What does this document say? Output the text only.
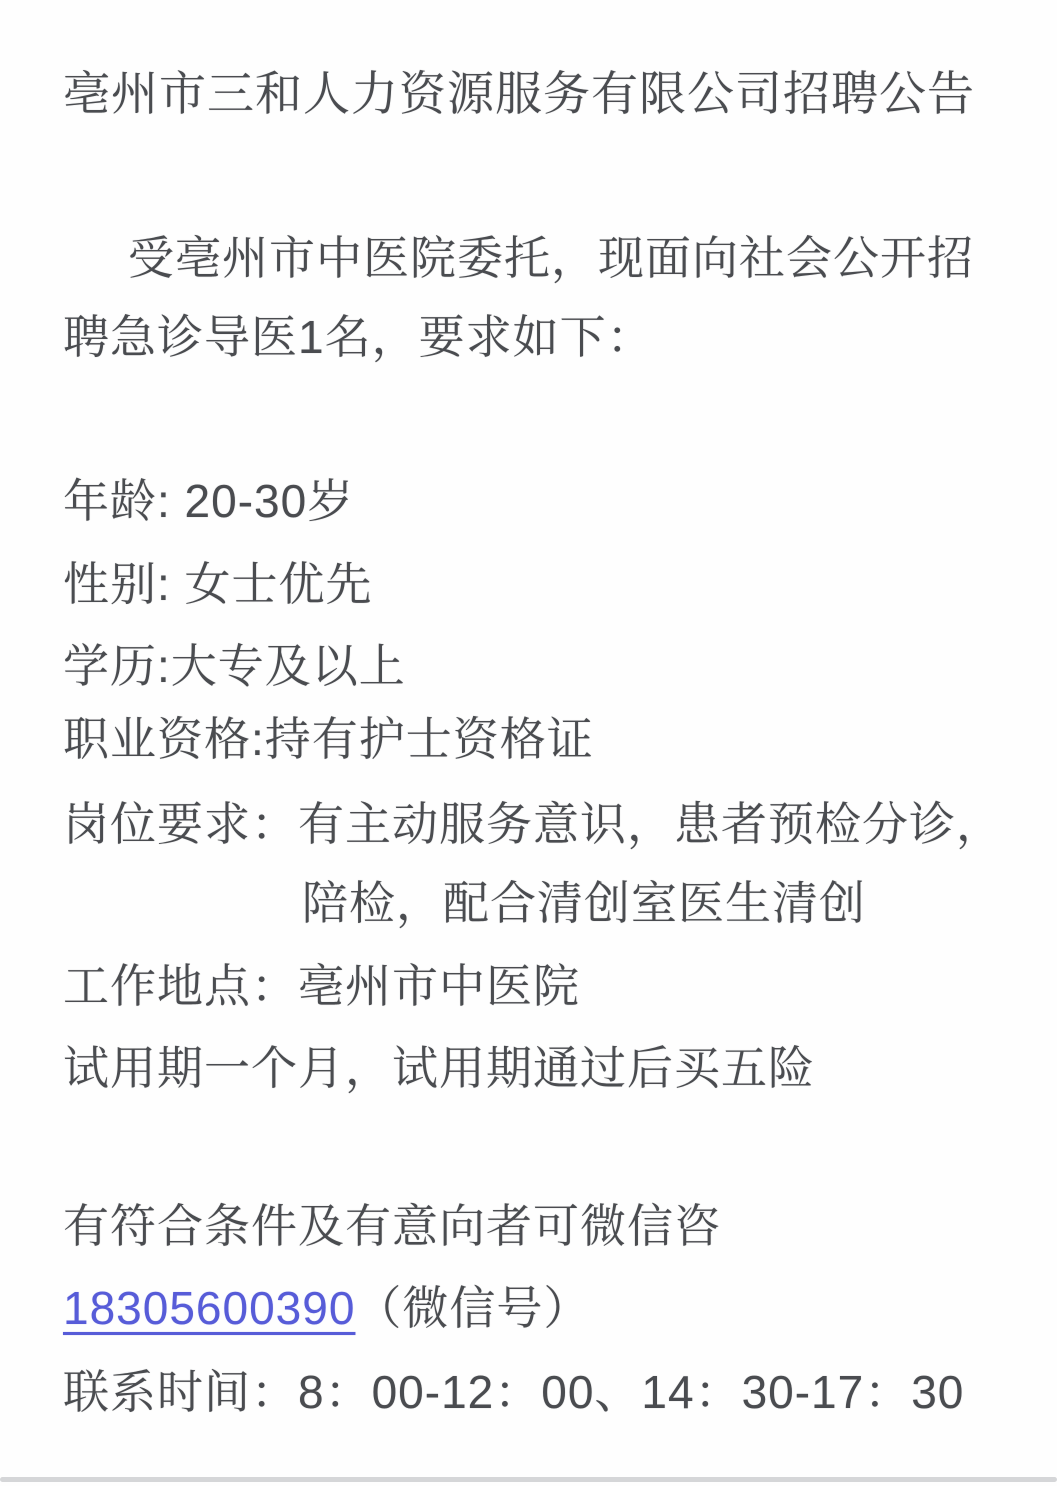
亳州市三和人力资源服务有限公司招聘公告
受亳州市中医院委托，现面向社会公开招
聘急诊导医1名，要求如下：
年龄: 20-30岁
性别: 女士优先
学历:大专及以上
职业资格:持有护士资格证
岗位要求：有主动服务意识，患者预检分诊，
陪检，配合清创室医生清创
工作地点：亳州市中医院
试用期一个月，试用期通过后买五险
有符合条件及有意向者可微信咨
18305600390（微信号）
联系时间：8：00-12：00、14：30-17：30
